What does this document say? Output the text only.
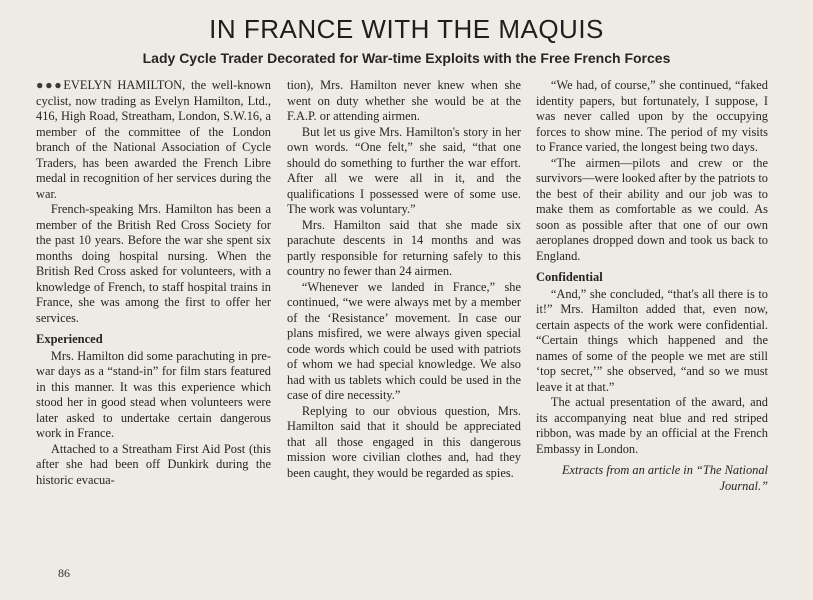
IN FRANCE WITH THE MAQUIS
Lady Cycle Trader Decorated for War-time Exploits with the Free French Forces

●●●EVELYN HAMILTON, the well-known cyclist, now trading as Evelyn Hamilton, Ltd., 416, High Road, Streatham, London, S.W.16, a member of the committee of the London branch of the National Association of Cycle Traders, has been awarded the French Libre medal in recognition of her services during the war.

French-speaking Mrs. Hamilton has been a member of the British Red Cross Society for the past 10 years. Before the war she spent six months doing hospital nursing. When the British Red Cross asked for volunteers, with a knowledge of French, to staff hospital trains in France, she was among the first to offer her services.

Experienced

Mrs. Hamilton did some parachuting in pre-war days as a “stand-in” for film stars featured in this manner. It was this experience which stood her in good stead when volunteers were later asked to undertake certain dangerous work in France.

Attached to a Streatham First Aid Post (this after she had been off Dunkirk during the historic evacua-

tion), Mrs. Hamilton never knew when she went on duty whether she would be at the F.A.P. or attending airmen.

But let us give Mrs. Hamilton's story in her own words. “One felt,” she said, “that one should do something to further the war effort. After all we were all in it, and the qualifications I possessed were of some use. The work was voluntary.”

Mrs. Hamilton said that she made six parachute descents in 14 months and was partly responsible for returning safely to this country no fewer than 24 airmen.

“Whenever we landed in France,” she continued, “we were always met by a member of the ‘Resistance’ movement. In case our plans misfired, we were always given special code words which could be used with patriots of whom we had special knowledge. We also had with us tablets which could be used in the case of dire necessity.”

Replying to our obvious question, Mrs. Hamilton said that it should be appreciated that all those engaged in this dangerous mission wore civilian clothes and, had they been caught, they would be regarded as spies.

“We had, of course,” she continued, “faked identity papers, but fortunately, I suppose, I was never called upon by the occupying forces to show mine. The period of my visits to France varied, the longest being two days.

“The airmen—pilots and crew or the survivors—were looked after by the patriots to the best of their ability and our job was to make them as comfortable as we could. As soon as possible after that one of our own aeroplanes dropped down and took us back to England.

Confidential

“And,” she concluded, “that's all there is to it!” Mrs. Hamilton added that, even now, certain aspects of the work were confidential. “Certain things which happened and the names of some of the people we met are still ‘top secret,’” she observed, “and so we must leave it at that.”

The actual presentation of the award, and its accompanying neat blue and red striped ribbon, was made by an official at the French Embassy in London.

Extracts from an article in “The National Journal.”

86
